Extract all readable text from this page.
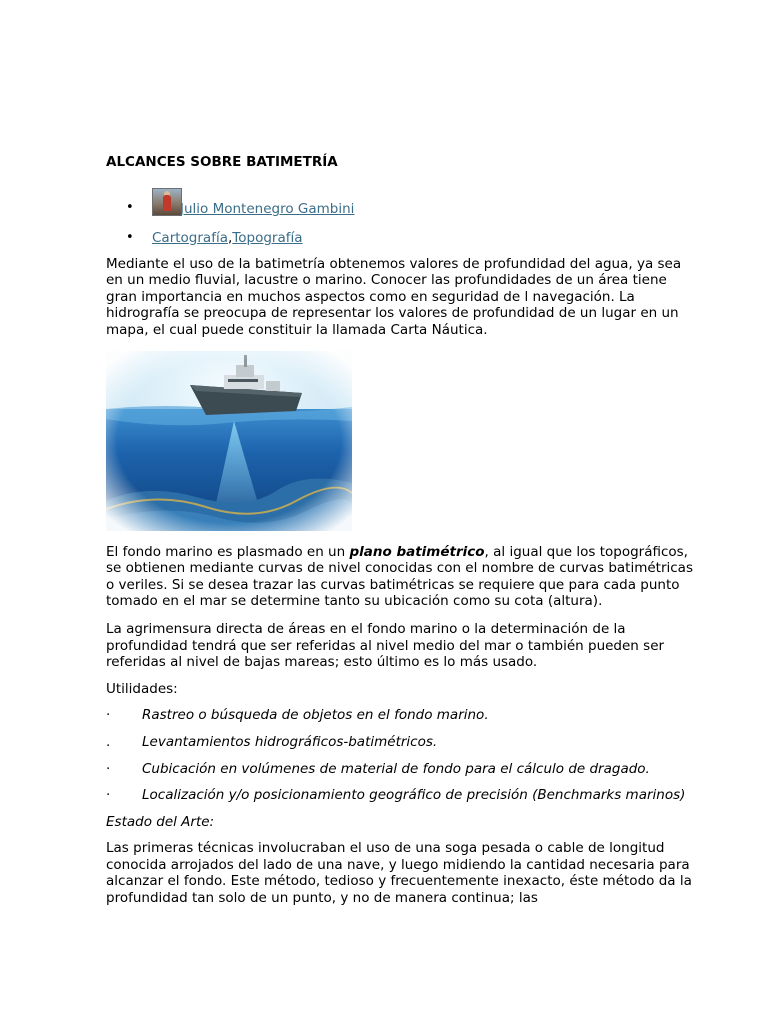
ALCANCES SOBRE BATIMETRÍA
• Julio Montenegro Gambini
• Cartografía,Topografía

Mediante el uso de la batimetría obtenemos valores de profundidad del agua, ya sea en un medio fluvial, lacustre o marino. Conocer las profundidades de un área tiene gran importancia en muchos aspectos como en seguridad de l navegación. La hidrografía se preocupa de representar los valores de profundidad de un lugar en un mapa, el cual puede constituir la llamada Carta Náutica.

El fondo marino es plasmado en un plano batimétrico, al igual que los topográficos, se obtienen mediante curvas de nivel conocidas con el nombre de curvas batimétricas o veriles. Si se desea trazar las curvas batimétricas se requiere que para cada punto tomado en el mar se determine tanto su ubicación como su cota (altura).

La agrimensura directa de áreas en el fondo marino o la determinación de la profundidad tendrá que ser referidas al nivel medio del mar o también pueden ser referidas al nivel de bajas mareas; esto último es lo más usado.

Utilidades:

· Rastreo o búsqueda de objetos en el fondo marino.

. Levantamientos hidrográficos-batimétricos.

· Cubicación en volúmenes de material de fondo para el cálculo de dragado.

· Localización y/o posicionamiento geográfico de precisión (Benchmarks marinos)

Estado del Arte:

Las primeras técnicas involucraban el uso de una soga pesada o cable de longitud conocida arrojados del lado de una nave, y luego midiendo la cantidad necesaria para alcanzar el fondo. Este método, tedioso y frecuentemente inexacto, éste método da la profundidad tan solo de un punto, y no de manera continua; las
